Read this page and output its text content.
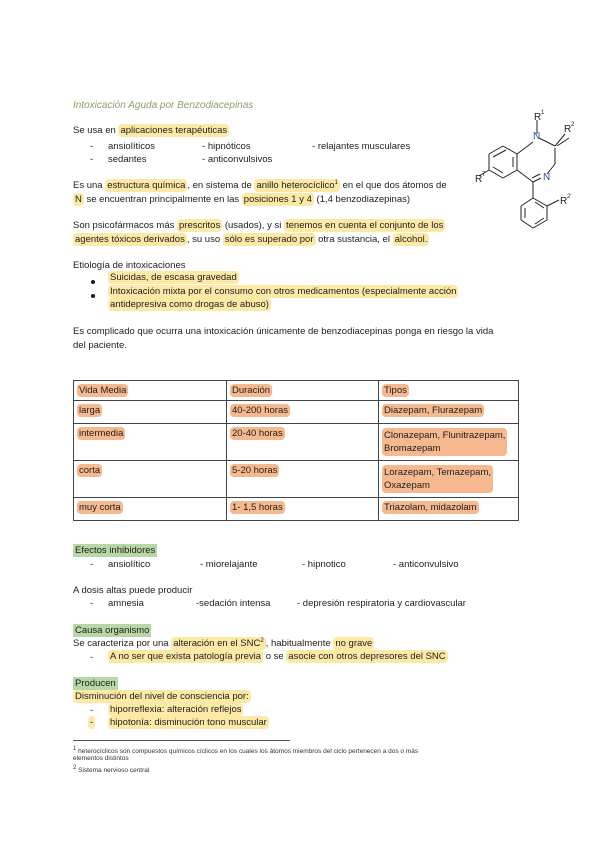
Intoxicación Aguda por Benzodiacepinas
N
R 1
R 2
R 7	N
R 2'
Se usa en aplicaciones terapéuticas
- ansiolíticos	- hipnóticos	- relajantes musculares
- sedantes	- anticonvulsivos
Es una estructura química , en sistema de anillo heterocíclico$^1$ en el que dos átomos de
N se encuentran principalmente en las posiciones 1 y 4 (1,4 benzodiazepinas)
Son psicofármacos más prescritos (usados), y si tenemos en cuenta el conjunto de los
agentes tóxicos derivados , su uso sólo es superado por otra sustancia, el alcohol.
Etiología de intoxicaciones
Suicidas, de escasa gravedad
Intoxicación mixta por el consumo con otros medicamentos (especialmente acción
antidepresiva como drogas de abuso)
Es complicado que ocurra una intoxicación únicamente de benzodiacepinas ponga en riesgo la vida
del paciente.
Vida Media	Duración	Tipos
larga	40-200 horas	Diazepam, Flurazepam
intermedia	20-40 horas	Clonazepam, Flunitrazepam,
Bromazepam
corta	5-20 horas	Lorazepam, Temazepam,
Oxazepam
muy corta	1- 1,5 horas	Triazolam, midazolam
Efectos inhibidores
- ansiolítico	- miorelajante	- hipnotico	- anticonvulsivo
A dosis altas puede producir
- amnesia	-sedación intensa	- depresión respiratoria y cardiovascular
Causa organismo
Se caracteriza por una alteración en el SNC$^2$ , habitualmente no grave
- A no ser que exista patología previa o se asocie con otros depresores del SNC
Producen
Disminución del nivel de consciencia por:
- hiporreflexia: alteración reflejos
- hipotonía: disminución tono muscular
$^1$ heterocíclicos son compuestos químicos cíclicos en los cuales los átomos miembros del ciclo pertenecen a dos o más
elementos distintos
$^2$ Sistema nervioso central
